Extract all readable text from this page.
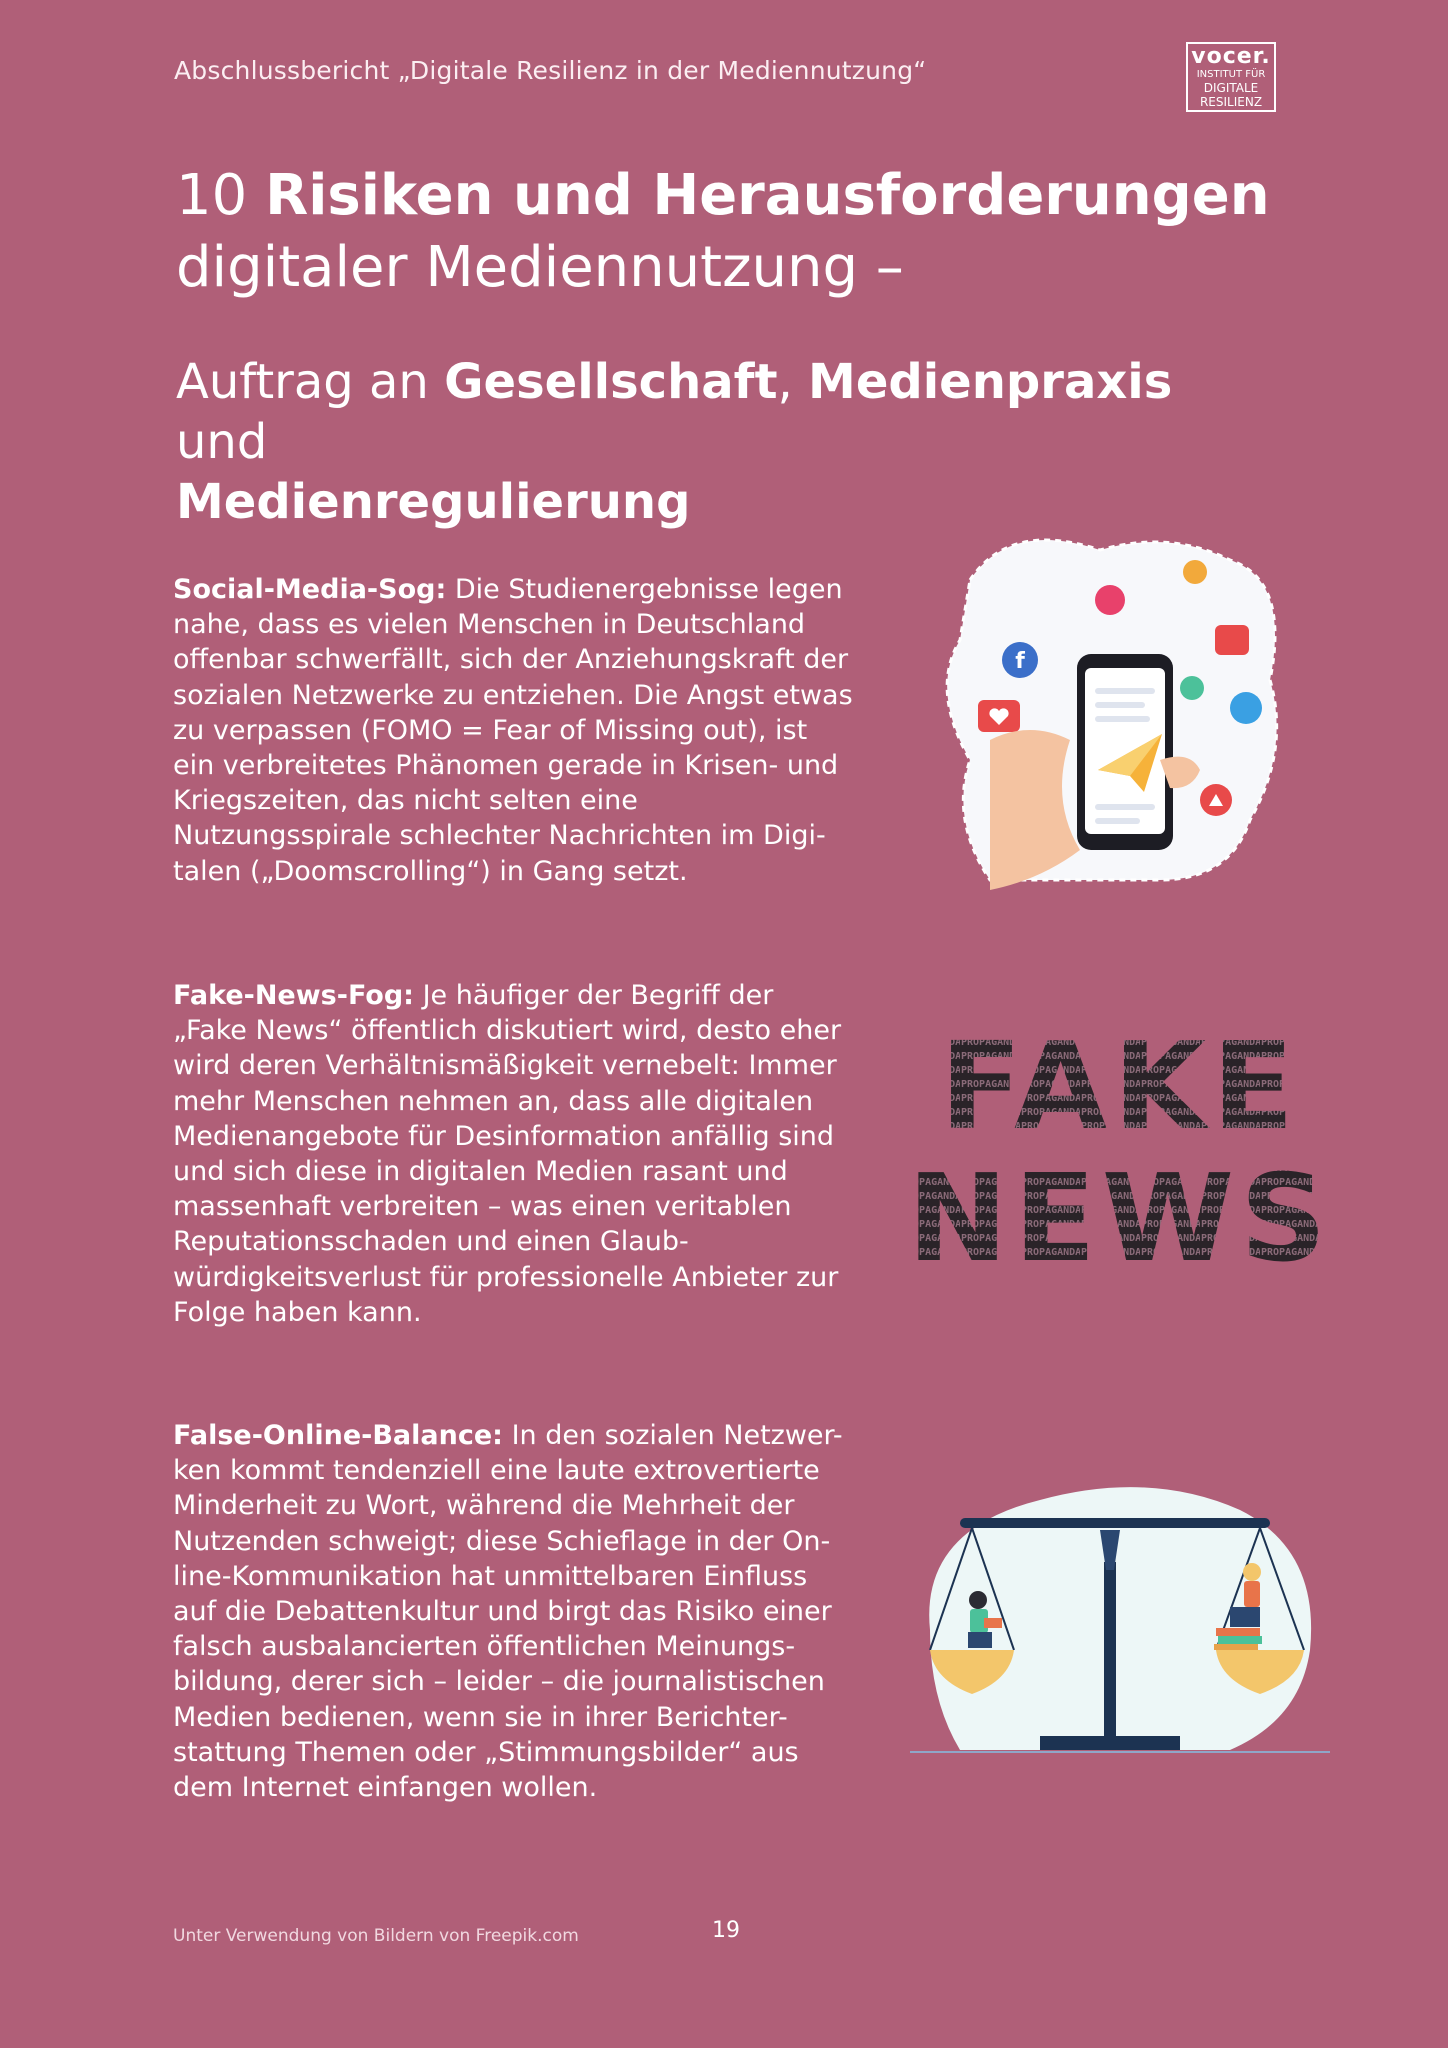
Abschlussbericht „Digitale Resilienz in der Mediennutzung“	vocer.
INSTITUT FÜR
DIGITALE
RESILIENZ
10 Risiken und Herausforderungen
digitaler Mediennutzung –
Auftrag an Gesellschaft, Medienpraxis und
Medienregulierung

Social-Media-Sog: Die Studienergebnisse legen nahe, dass es vielen Menschen in Deutschland offenbar schwerfällt, sich der Anziehungskraft der sozialen Netzwerke zu entziehen. Die Angst etwas zu verpassen (FOMO = Fear of Missing out), ist ein verbreitetes Phänomen gerade in Krisen- und Kriegszeiten, das nicht selten eine Nutzungsspirale schlechter Nachrichten im Digi-talen („Doomscrolling“) in Gang setzt.

Fake-News-Fog: Je häufiger der Begriff der „Fake News“ öffentlich diskutiert wird, desto eher wird deren Verhältnismäßigkeit vernebelt: Immer mehr Menschen nehmen an, dass alle digitalen Medienangebote für Desinformation anfällig sind und sich diese in digitalen Medien rasant und massenhaft verbreiten – was einen veritablen Reputationsschaden und einen Glaub-würdigkeitsverlust für professionelle Anbieter zur Folge haben kann.

False-Online-Balance: In den sozialen Netzwer-ken kommt tendenziell eine laute extrovertierte Minderheit zu Wort, während die Mehrheit der Nutzenden schweigt; diese Schieflage in der On-line-Kommunikation hat unmittelbaren Einfluss auf die Debattenkultur und birgt das Risiko einer falsch ausbalancierten öffentlichen Meinungs-bildung, derer sich – leider – die journalistischen Medien bedienen, wenn sie in ihrer Berichter-stattung Themen oder „Stimmungsbilder“ aus dem Internet einfangen wollen.

f
FAKE
NEWS
Unter Verwendung von Bildern von Freepik.com	19
